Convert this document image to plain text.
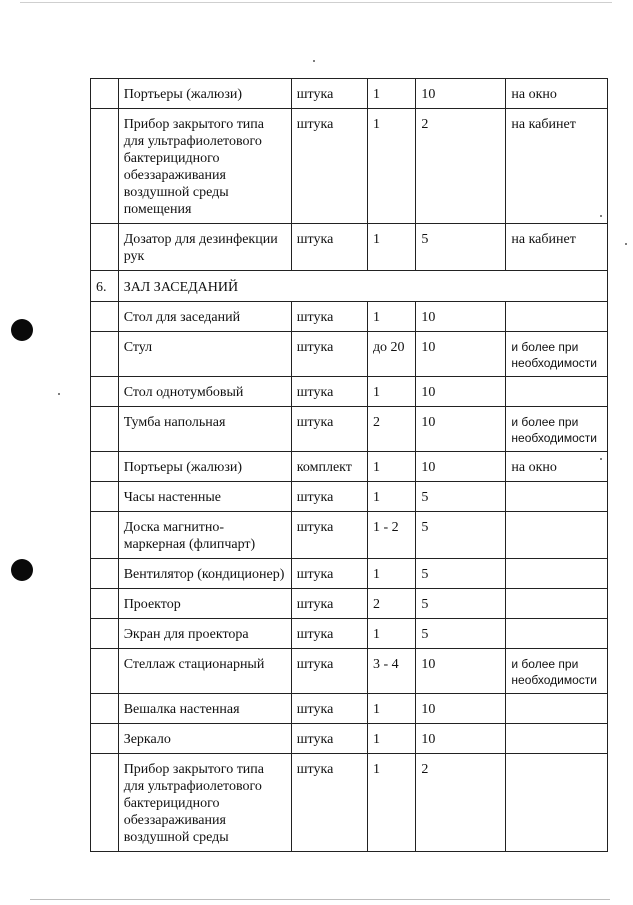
	Портьеры (жалюзи)	штука	1	10	на окно
	Прибор закрытого типа для ультрафиолетового бактерицидного обеззараживания воздушной среды помещения	штука	1	2	на кабинет
	Дозатор для дезинфекции рук	штука	1	5	на кабинет
6.	ЗАЛ ЗАСЕДАНИЙ				
	Стол для заседаний	штука	1	10	
	Стул	штука	до 20	10	и более при необходимости
	Стол однотумбовый	штука	1	10	
	Тумба напольная	штука	2	10	и более при необходимости
	Портьеры (жалюзи)	комплект	1	10	на окно
	Часы настенные	штука	1	5	
	Доска магнитно-маркерная (флипчарт)	штука	1 - 2	5	
	Вентилятор (кондиционер)	штука	1	5	
	Проектор	штука	2	5	
	Экран для проектора	штука	1	5	
	Стеллаж стационарный	штука	3 - 4	10	и более при необходимости
	Вешалка настенная	штука	1	10	
	Зеркало	штука	1	10	
	Прибор закрытого типа для ультрафиолетового бактерицидного обеззараживания воздушной среды	штука	1	2	
